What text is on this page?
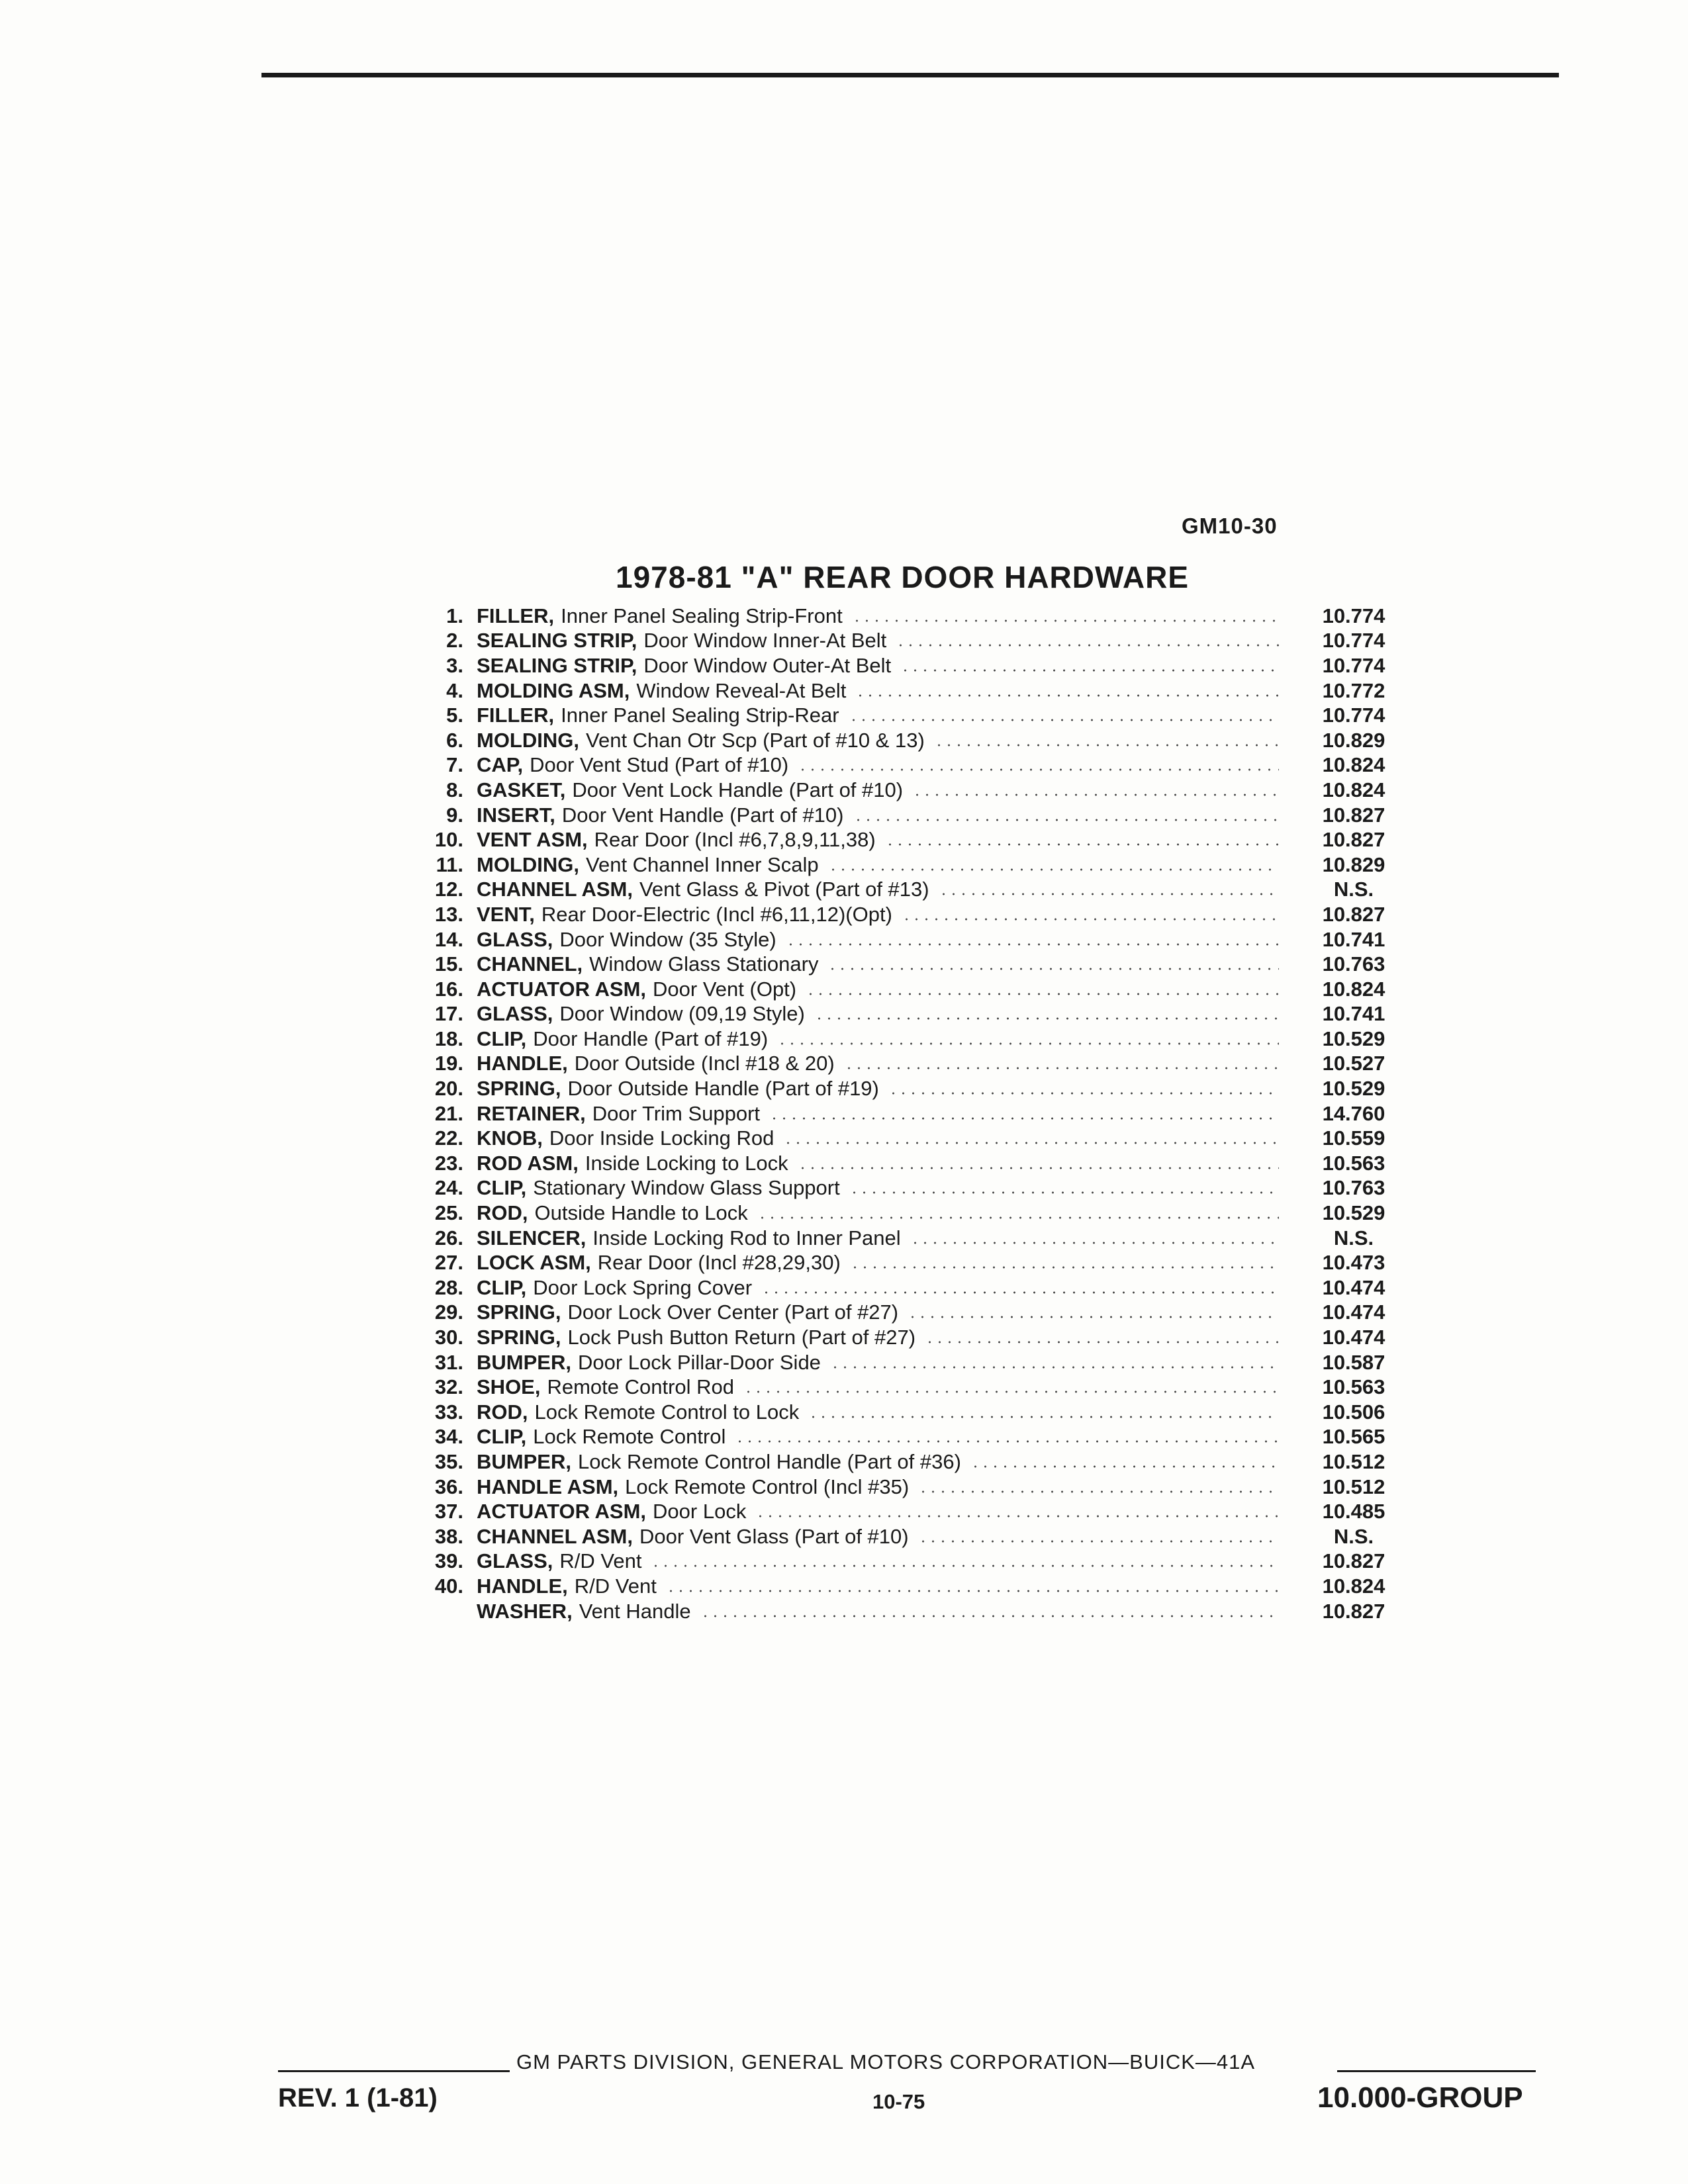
GM10-30
1978-81 "A" REAR DOOR HARDWARE
1. FILLER, Inner Panel Sealing Strip-Front	10.774
2. SEALING STRIP, Door Window Inner-At Belt	10.774
3. SEALING STRIP, Door Window Outer-At Belt	10.774
4. MOLDING ASM, Window Reveal-At Belt	10.772
5. FILLER, Inner Panel Sealing Strip-Rear	10.774
6. MOLDING, Vent Chan Otr Scp (Part of #10 & 13)	10.829
7. CAP, Door Vent Stud (Part of #10)	10.824
8. GASKET, Door Vent Lock Handle (Part of #10)	10.824
9. INSERT, Door Vent Handle (Part of #10)	10.827
10. VENT ASM, Rear Door (Incl #6,7,8,9,11,38)	10.827
11. MOLDING, Vent Channel Inner Scalp	10.829
12. CHANNEL ASM, Vent Glass & Pivot (Part of #13)	N.S.
13. VENT, Rear Door-Electric (Incl #6,11,12)(Opt)	10.827
14. GLASS, Door Window (35 Style)	10.741
15. CHANNEL, Window Glass Stationary	10.763
16. ACTUATOR ASM, Door Vent (Opt)	10.824
17. GLASS, Door Window (09,19 Style)	10.741
18. CLIP, Door Handle (Part of #19)	10.529
19. HANDLE, Door Outside (Incl #18 & 20)	10.527
20. SPRING, Door Outside Handle (Part of #19)	10.529
21. RETAINER, Door Trim Support	14.760
22. KNOB, Door Inside Locking Rod	10.559
23. ROD ASM, Inside Locking to Lock	10.563
24. CLIP, Stationary Window Glass Support	10.763
25. ROD, Outside Handle to Lock	10.529
26. SILENCER, Inside Locking Rod to Inner Panel	N.S.
27. LOCK ASM, Rear Door (Incl #28,29,30)	10.473
28. CLIP, Door Lock Spring Cover	10.474
29. SPRING, Door Lock Over Center (Part of #27)	10.474
30. SPRING, Lock Push Button Return (Part of #27)	10.474
31. BUMPER, Door Lock Pillar-Door Side	10.587
32. SHOE, Remote Control Rod	10.563
33. ROD, Lock Remote Control to Lock	10.506
34. CLIP, Lock Remote Control	10.565
35. BUMPER, Lock Remote Control Handle (Part of #36)	10.512
36. HANDLE ASM, Lock Remote Control (Incl #35)	10.512
37. ACTUATOR ASM, Door Lock	10.485
38. CHANNEL ASM, Door Vent Glass (Part of #10)	N.S.
39. GLASS, R/D Vent	10.827
40. HANDLE, R/D Vent	10.824
WASHER, Vent Handle	10.827
GM PARTS DIVISION, GENERAL MOTORS CORPORATION—BUICK—41A
REV. 1 (1-81)	10-75	10.000-GROUP
